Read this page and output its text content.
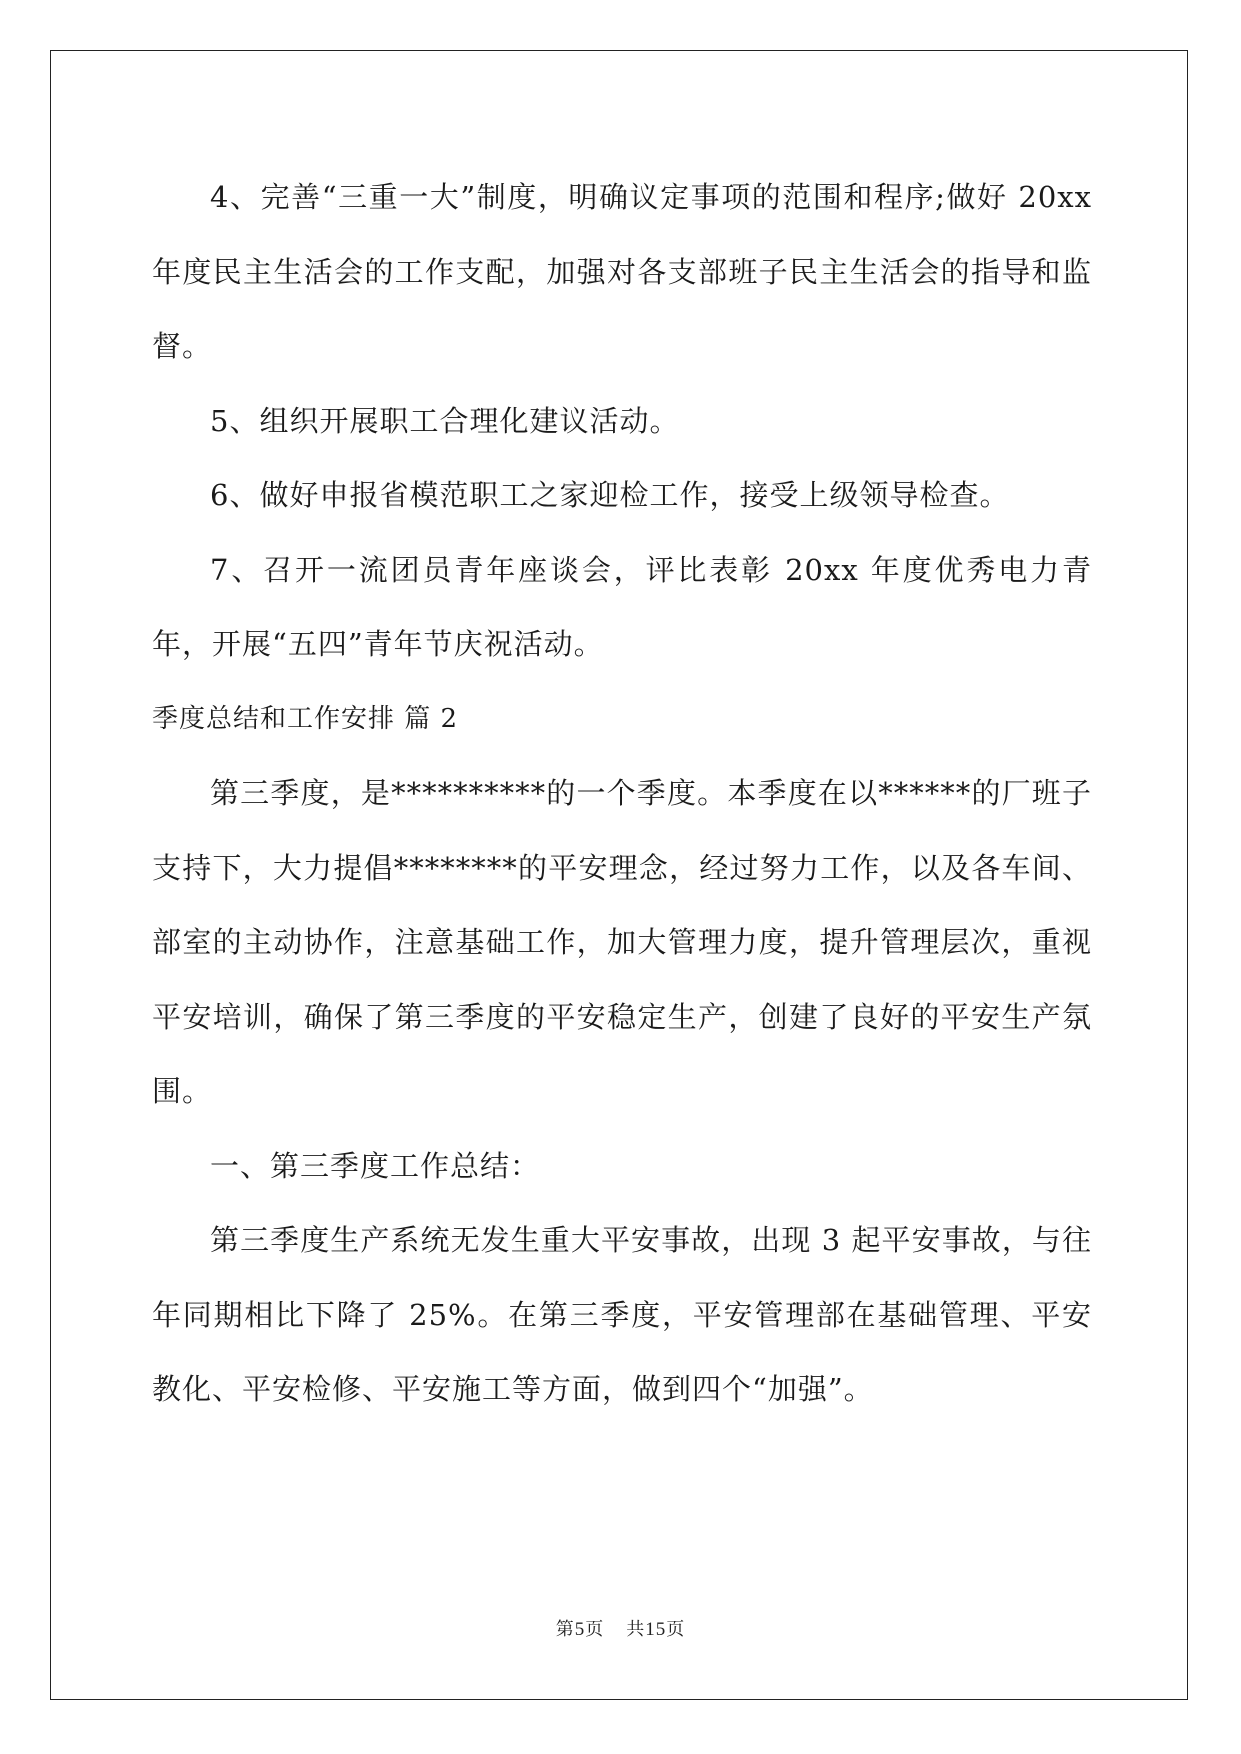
4、完善“三重一大”制度，明确议定事项的范围和程序;做好 20xx 年度民主生活会的工作支配，加强对各支部班子民主生活会的指导和监督。

5、组织开展职工合理化建议活动。

6、做好申报省模范职工之家迎检工作，接受上级领导检查。

7、召开一流团员青年座谈会，评比表彰 20xx 年度优秀电力青年，开展“五四”青年节庆祝活动。

季度总结和工作安排 篇 2

第三季度，是**********的一个季度。本季度在以******的厂班子支持下，大力提倡********的平安理念，经过努力工作，以及各车间、部室的主动协作，注意基础工作，加大管理力度，提升管理层次，重视平安培训，确保了第三季度的平安稳定生产，创建了良好的平安生产氛围。

一、第三季度工作总结：

第三季度生产系统无发生重大平安事故，出现 3 起平安事故，与往年同期相比下降了 25%。在第三季度，平安管理部在基础管理、平安教化、平安检修、平安施工等方面，做到四个“加强”。

第5页 共15页
